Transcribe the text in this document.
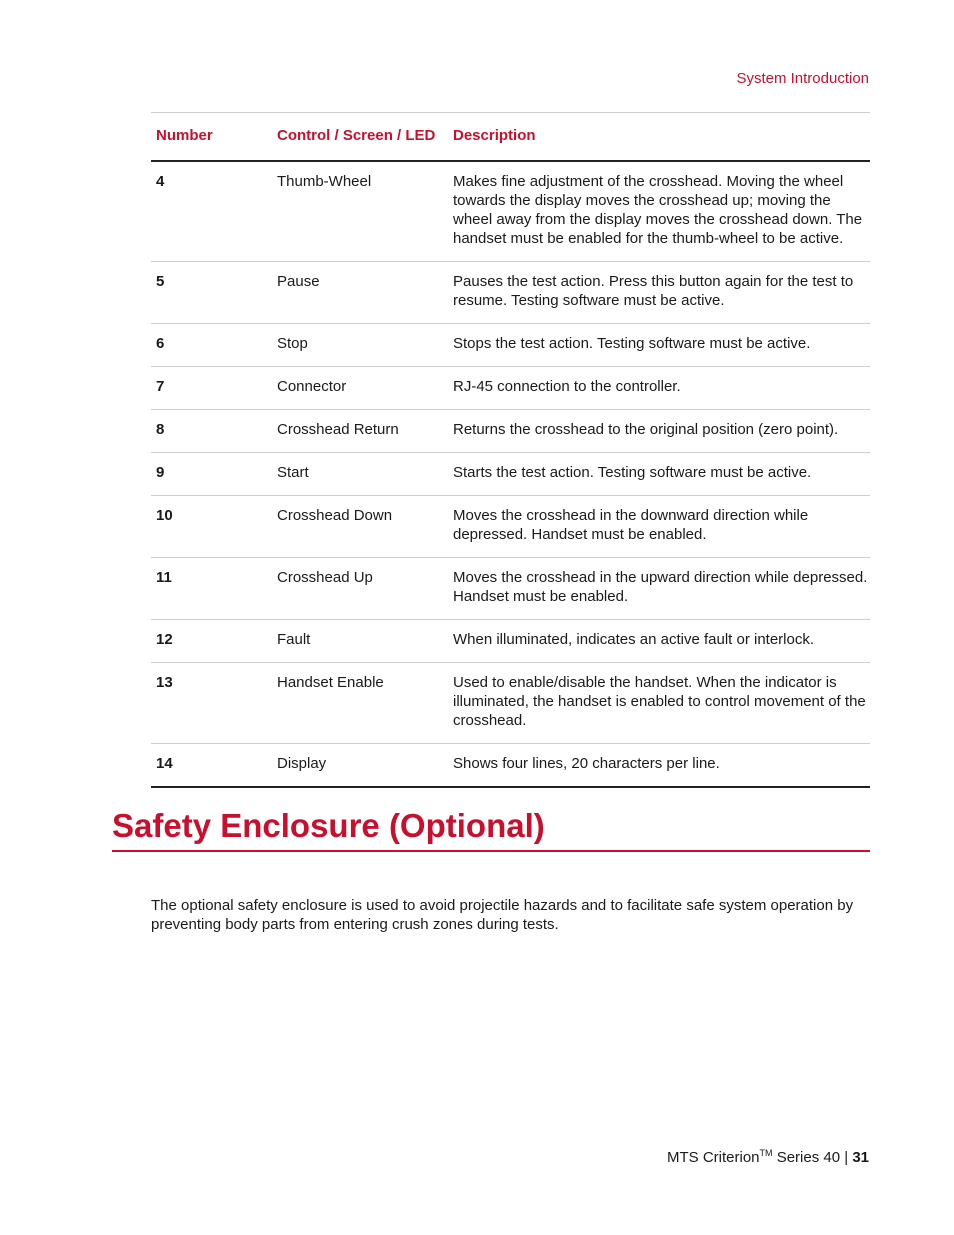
System Introduction
Number	Control / Screen / LED	Description
4	Thumb-Wheel	Makes fine adjustment of the crosshead. Moving the wheel towards the display moves the crosshead up; moving the wheel away from the display moves the crosshead down. The handset must be enabled for the thumb-wheel to be active.
5	Pause	Pauses the test action. Press this button again for the test to resume. Testing software must be active.
6	Stop	Stops the test action. Testing software must be active.
7	Connector	RJ-45 connection to the controller.
8	Crosshead Return	Returns the crosshead to the original position (zero point).
9	Start	Starts the test action. Testing software must be active.
10	Crosshead Down	Moves the crosshead in the downward direction while depressed. Handset must be enabled.
11	Crosshead Up	Moves the crosshead in the upward direction while depressed. Handset must be enabled.
12	Fault	When illuminated, indicates an active fault or interlock.
13	Handset Enable	Used to enable/disable the handset. When the indicator is illuminated, the handset is enabled to control movement of the crosshead.
14	Display	Shows four lines, 20 characters per line.
Safety Enclosure (Optional)

The optional safety enclosure is used to avoid projectile hazards and to facilitate safe system operation by preventing body parts from entering crush zones during tests.

MTS Criterion™ Series 40 | 31
